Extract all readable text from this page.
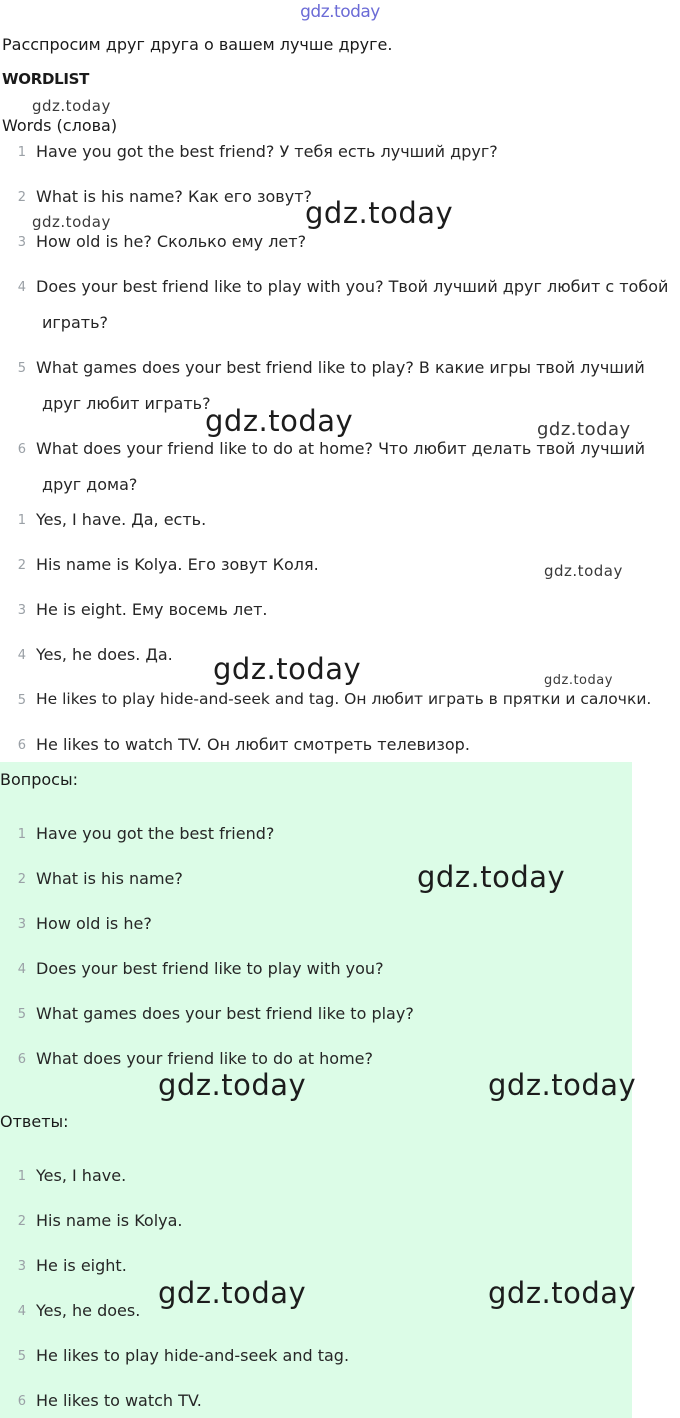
gdz.today
Расспросим друг друга о вашем лучше друге.
WORDLIST
Words (слова)
1 Have you got the best friend? У тебя есть лучший друг?
2 What is his name? Как его зовут?
3 How old is he? Сколько ему лет?
4 Does your best friend like to play with you? Твой лучший друг любит с тобой
играть?
5 What games does your best friend like to play? В какие игры твой лучший
друг любит играть?
6 What does your friend like to do at home? Что любит делать твой лучший
друг дома?
1 Yes, I have. Да, есть.
2 His name is Kolya. Его зовут Коля.
3 He is eight. Ему восемь лет.
4 Yes, he does. Да.
5 He likes to play hide-and-seek and tag. Он любит играть в прятки и салочки.
6 He likes to watch TV. Он любит смотреть телевизор.
Вопросы:
1 Have you got the best friend?
2 What is his name?
3 How old is he?
4 Does your best friend like to play with you?
5 What games does your best friend like to play?
6 What does your friend like to do at home?
Ответы:
1 Yes, I have.
2 His name is Kolya.
3 He is eight.
4 Yes, he does.
5 He likes to play hide-and-seek and tag.
6 He likes to watch TV.
gdz.today
gdz.today	gdz.today
gdz.today	gdz.today
gdz.today
gdz.today	gdz.today
gdz.today
gdz.today	gdz.today
gdz.today	gdz.today
